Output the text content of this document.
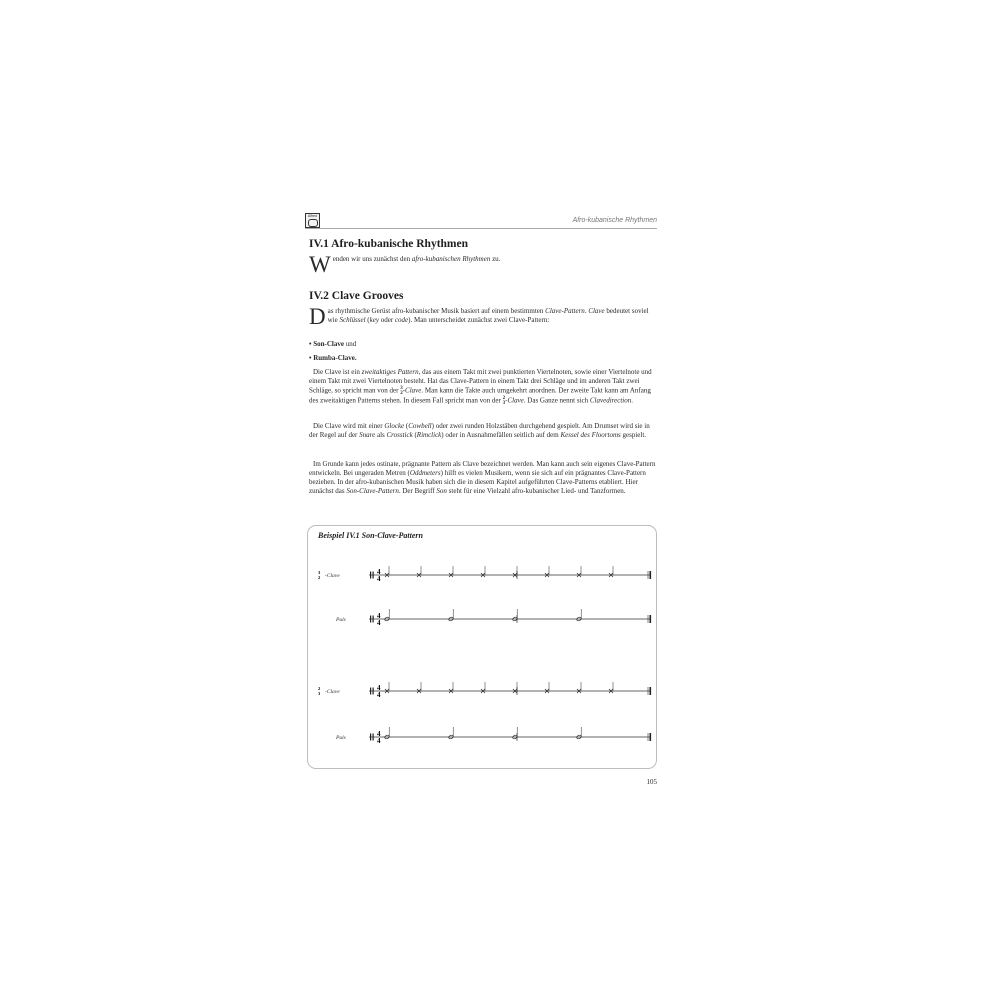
Alfred
Afro-kubanische Rhythmen
IV.1 Afro-kubanische Rhythmen

Wenden wir uns zunächst den afro-kubanischen Rhythmen zu.

IV.2 Clave Grooves

Das rhythmische Gerüst afro-kubanischer Musik basiert auf einem bestimmten Clave-Pattern. Clave bedeutet soviel wie Schlüssel (key oder code). Man unterscheidet zunächst zwei Clave-Pattern:

• Son-Clave und
• Rumba-Clave.

Die Clave ist ein zweitaktiges Pattern, das aus einem Takt mit zwei punktierten Viertelnoten, sowie einer Viertelnote und einem Takt mit zwei Viertelnoten besteht. Hat das Clave-Pattern in einem Takt drei Schläge und im anderen Takt zwei Schläge, so spricht man von der 3
2-Clave. Man kann die Takte auch umgekehrt anordnen. Der zweite Takt kann am Anfang des zweitaktigen Patterns stehen. In diesem Fall spricht man von der 2
3-Clave. Das Ganze nennt sich Clavedirection.

Die Clave wird mit einer Glocke (Cowbell) oder zwei runden Holzstäben durchgehend gespielt. Am Drumset wird sie in der Regel auf der Snare als Crosstick (Rimclick) oder in Ausnahmefällen seitlich auf dem Kessel des Floortoms gespielt.

Im Grunde kann jedes ostinate, prägnante Pattern als Clave bezeichnet werden. Man kann auch sein eigenes Clave-Pattern entwickeln. Bei ungeraden Metren (Oddmeters) hilft es vielen Musikern, wenn sie sich auf ein prägnantes Clave-Pattern beziehen. In der afro-kubanischen Musik haben sich die in diesem Kapitel aufgeführten Clave-Patterns etabliert. Hier zunächst das Son-Clave-Pattern. Der Begriff Son steht für eine Vielzahl afro-kubanischer Lied- und Tanzformen.

Beispiel IV.1 Son-Clave-Pattern
4
4
-Clave
3
2
4
4
Puls
4
4
-Clave
2
3
4
4
Puls
105
